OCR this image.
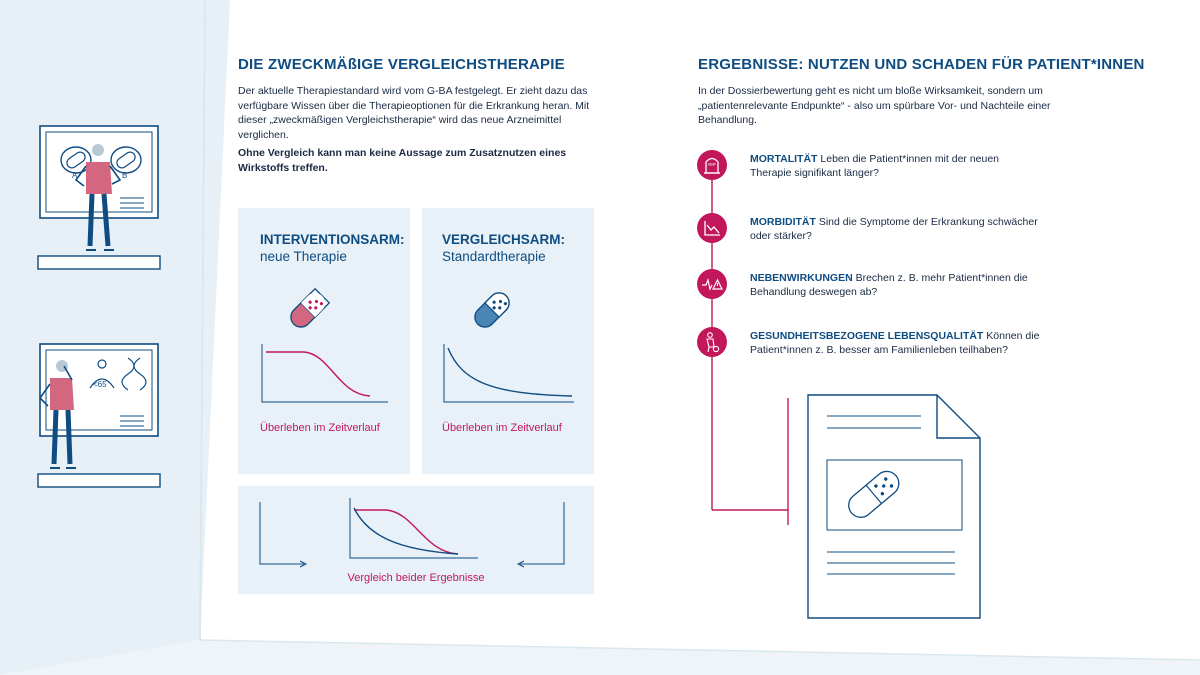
A	B
<65
DIE ZWECKMÄßIGE VERGLEICHSTHERAPIE
Der aktuelle Therapiestandard wird vom G-BA festgelegt. Er zieht dazu das verfügbare Wissen über die Therapieoptionen für die Erkrankung heran. Mit dieser „zweckmäßigen Vergleichstherapie“ wird das neue Arzneimittel verglichen.
Ohne Vergleich kann man keine Aussage zum Zusatznutzen eines Wirkstoffs treffen.
INTERVENTIONSARM:
neue Therapie
Überleben im Zeitverlauf
VERGLEICHSARM:
Standardtherapie
Überleben im Zeitverlauf
Vergleich beider Ergebnisse
ERGEBNISSE: NUTZEN UND SCHADEN FÜR PATIENT*INNEN
In der Dossierbewertung geht es nicht um bloße Wirksamkeit, sondern um „patientenrelevante Endpunkte“ - also um spürbare Vor- und Nachteile einer Behandlung.
RIP	MORTALITÄT Leben die Patient*innen mit der neuen Therapie signifikant länger?
MORBIDITÄT Sind die Symptome der Erkrankung schwächer oder stärker?
NEBENWIRKUNGEN Brechen z. B. mehr Patient*innen die Behandlung deswegen ab?
GESUNDHEITSBEZOGENE LEBENSQUALITÄT Können die Patient*innen z. B. besser am Familienleben teilhaben?
